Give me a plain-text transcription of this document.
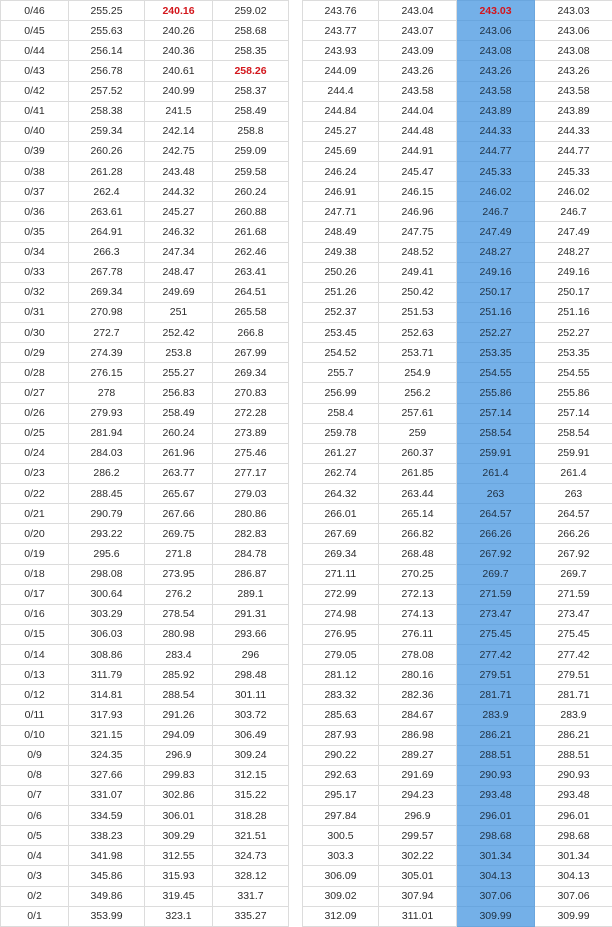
0/46	255.25	240.16	259.02		243.76	243.04	243.03	243.03
0/45	255.63	240.26	258.68		243.77	243.07	243.06	243.06
0/44	256.14	240.36	258.35		243.93	243.09	243.08	243.08
0/43	256.78	240.61	258.26		244.09	243.26	243.26	243.26
0/42	257.52	240.99	258.37		244.4	243.58	243.58	243.58
0/41	258.38	241.5	258.49		244.84	244.04	243.89	243.89
0/40	259.34	242.14	258.8		245.27	244.48	244.33	244.33
0/39	260.26	242.75	259.09		245.69	244.91	244.77	244.77
0/38	261.28	243.48	259.58		246.24	245.47	245.33	245.33
0/37	262.4	244.32	260.24		246.91	246.15	246.02	246.02
0/36	263.61	245.27	260.88		247.71	246.96	246.7	246.7
0/35	264.91	246.32	261.68		248.49	247.75	247.49	247.49
0/34	266.3	247.34	262.46		249.38	248.52	248.27	248.27
0/33	267.78	248.47	263.41		250.26	249.41	249.16	249.16
0/32	269.34	249.69	264.51		251.26	250.42	250.17	250.17
0/31	270.98	251	265.58		252.37	251.53	251.16	251.16
0/30	272.7	252.42	266.8		253.45	252.63	252.27	252.27
0/29	274.39	253.8	267.99		254.52	253.71	253.35	253.35
0/28	276.15	255.27	269.34		255.7	254.9	254.55	254.55
0/27	278	256.83	270.83		256.99	256.2	255.86	255.86
0/26	279.93	258.49	272.28		258.4	257.61	257.14	257.14
0/25	281.94	260.24	273.89		259.78	259	258.54	258.54
0/24	284.03	261.96	275.46		261.27	260.37	259.91	259.91
0/23	286.2	263.77	277.17		262.74	261.85	261.4	261.4
0/22	288.45	265.67	279.03		264.32	263.44	263	263
0/21	290.79	267.66	280.86		266.01	265.14	264.57	264.57
0/20	293.22	269.75	282.83		267.69	266.82	266.26	266.26
0/19	295.6	271.8	284.78		269.34	268.48	267.92	267.92
0/18	298.08	273.95	286.87		271.11	270.25	269.7	269.7
0/17	300.64	276.2	289.1		272.99	272.13	271.59	271.59
0/16	303.29	278.54	291.31		274.98	274.13	273.47	273.47
0/15	306.03	280.98	293.66		276.95	276.11	275.45	275.45
0/14	308.86	283.4	296		279.05	278.08	277.42	277.42
0/13	311.79	285.92	298.48		281.12	280.16	279.51	279.51
0/12	314.81	288.54	301.11		283.32	282.36	281.71	281.71
0/11	317.93	291.26	303.72		285.63	284.67	283.9	283.9
0/10	321.15	294.09	306.49		287.93	286.98	286.21	286.21
0/9	324.35	296.9	309.24		290.22	289.27	288.51	288.51
0/8	327.66	299.83	312.15		292.63	291.69	290.93	290.93
0/7	331.07	302.86	315.22		295.17	294.23	293.48	293.48
0/6	334.59	306.01	318.28		297.84	296.9	296.01	296.01
0/5	338.23	309.29	321.51		300.5	299.57	298.68	298.68
0/4	341.98	312.55	324.73		303.3	302.22	301.34	301.34
0/3	345.86	315.93	328.12		306.09	305.01	304.13	304.13
0/2	349.86	319.45	331.7		309.02	307.94	307.06	307.06
0/1	353.99	323.1	335.27		312.09	311.01	309.99	309.99
